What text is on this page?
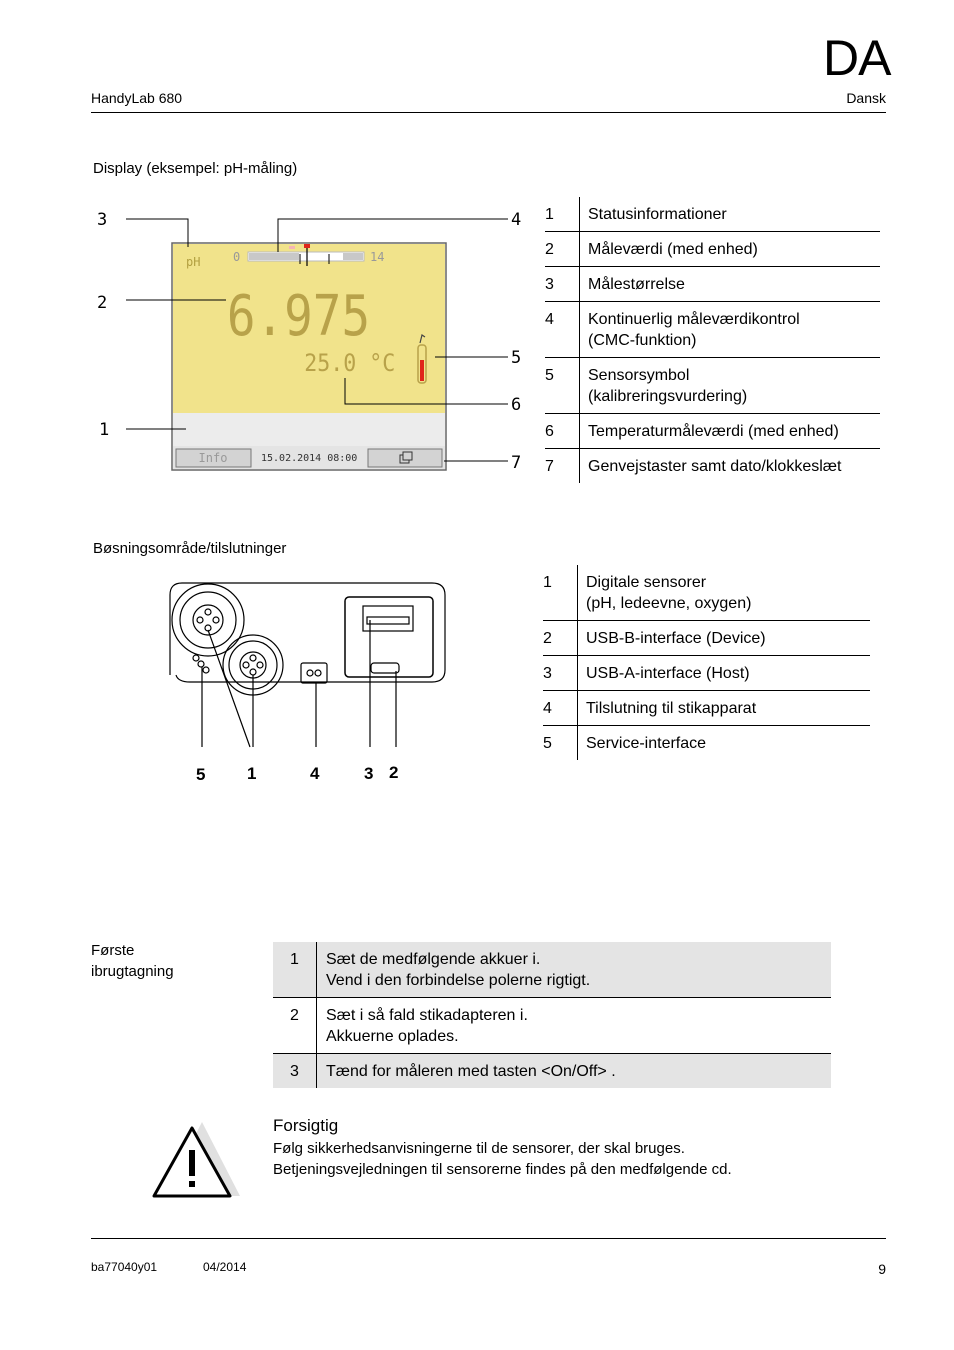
DA
HandyLab 680	Dansk
Display (eksempel: pH-måling)
pH	0	14
6.975
25.0 °C
Info	15.02.2014 08:00
3
2
1
4
5
6
7
1	Statusinformationer
2	Måleværdi (med enhed)
3	Målestørrelse
4	Kontinuerlig måleværdikontrol
(CMC-funktion)

5	Sensorsymbol
(kalibreringsvurdering)

6	Temperaturmåleværdi (med enhed)
7	Genvejstaster samt dato/klokkeslæt
Bøsningsområde/tilslutninger
5 1	4	3 2
1	Digitale sensorer
(pH, ledeevne, oxygen)

2	USB-B-interface (Device)
3	USB-A-interface (Host)
4	Tilslutning til stikapparat
5	Service-interface
Første
ibrugtagning
1	Sæt de medfølgende akkuer i.
Vend i den forbindelse polerne rigtigt.

2	Sæt i så fald stikadapteren i.
Akkuerne oplades.

3	Tænd for måleren med tasten <On/Off> .
Forsigtig
Følg sikkerhedsanvisningerne til de sensorer, der skal bruges.
Betjeningsvejledningen til sensorerne findes på den medfølgende cd.
ba77040y01	04/2014	9
